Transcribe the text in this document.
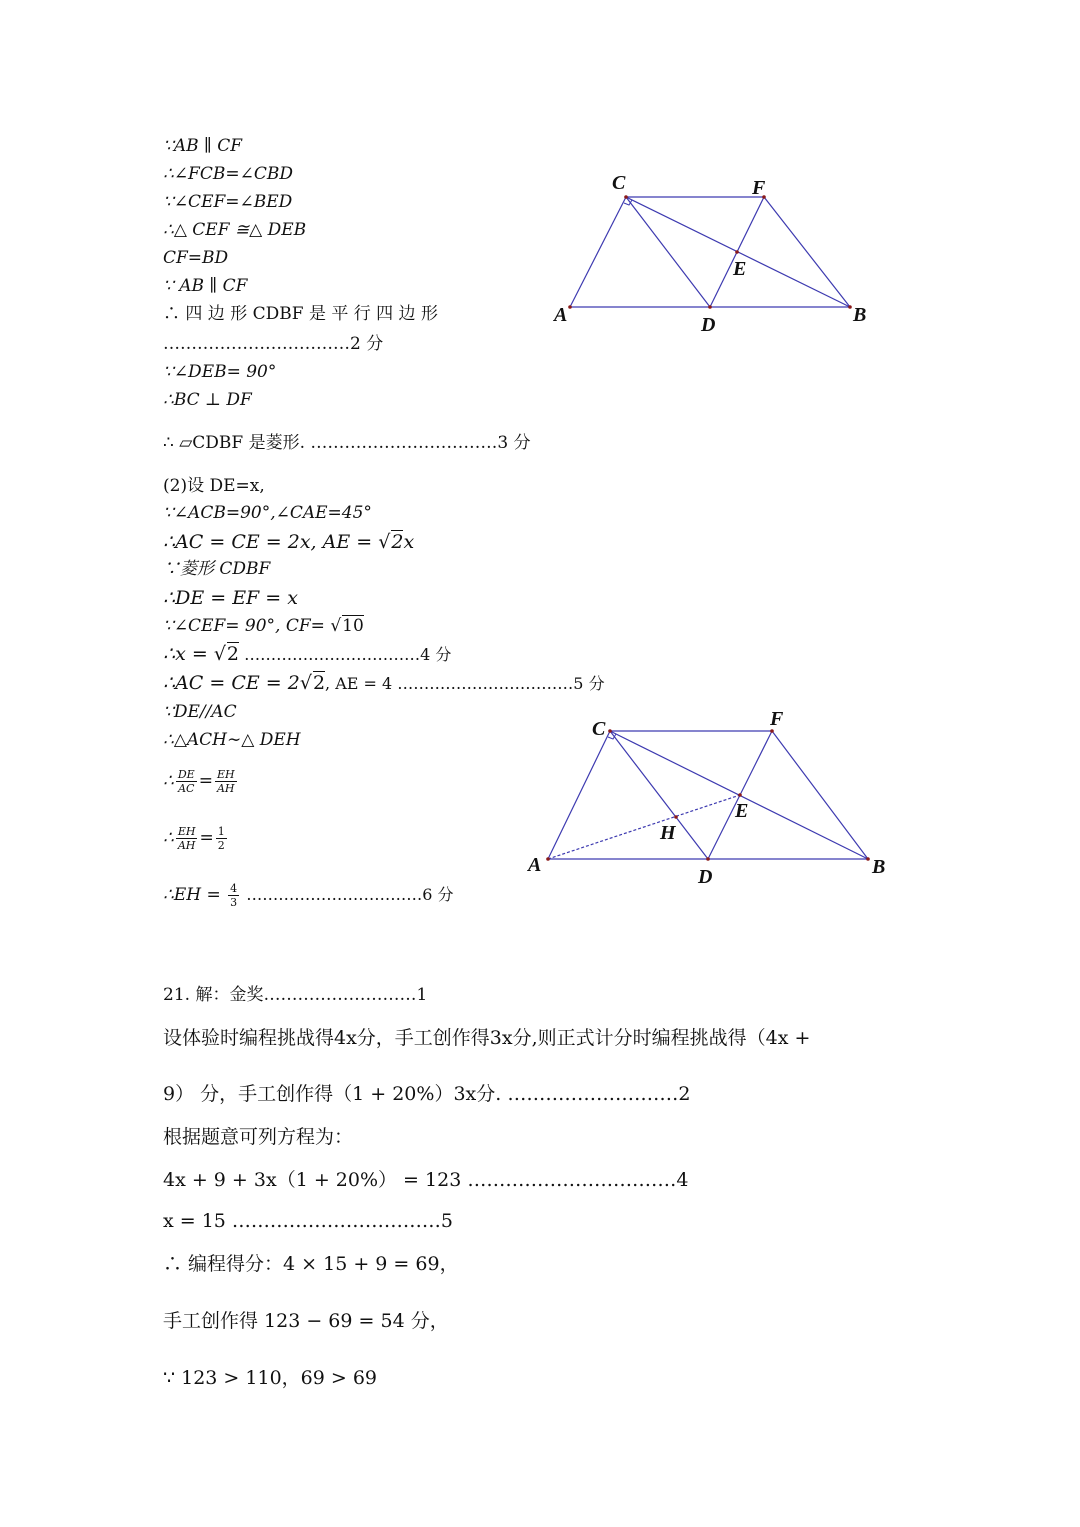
∵AB ∥ CF
∴∠FCB=∠CBD
∵∠CEF=∠BED
∴△ CEF ≅△ DEB
CF=BD
∵ AB ∥ CF
∴ 四 边 形 CDBF 是 平 行 四 边 形
……………………………2 分
∵∠DEB= 90°
∴BC ⊥ DF
∴ ▱CDBF 是菱形. ……………………………3 分
A	B
C
D
E
F
(2)设 DE=x,
∵∠ACB=90°,∠CAE=45°
∴AC = CE = 2x, AE = √2x
∵菱形 CDBF
∴DE = EF = x
∵∠CEF= 90°, CF= √10
∴x = √2 ……………………………4 分
∴AC = CE = 2√2, AE = 4 ……………………………5 分
∵DE//AC
∴△ACH∼△ DEH
∴ $\frac{DE}{AC} = \frac{EH}{AH}$
∴ $\frac{EH}{AH} = \frac{1}{2}$
∴EH = $\frac{4}{3}$ ……………………………6 分
A	B
C
D
E
F
H
21. 解：金奖………………………1
设体验时编程挑战得4x分，手工创作得3x分,则正式计分时编程挑战得（4x +
9） 分，手工创作得（1 + 20%）3x分. ………………………2
根据题意可列方程为：
4x + 9 + 3x（1 + 20%） = 123 ……………………………4
x = 15 ……………………………5
∴ 编程得分：4 × 15 + 9 = 69，
手工创作得 123 − 69 = 54 分，
∵ 123 > 110，69 > 69
